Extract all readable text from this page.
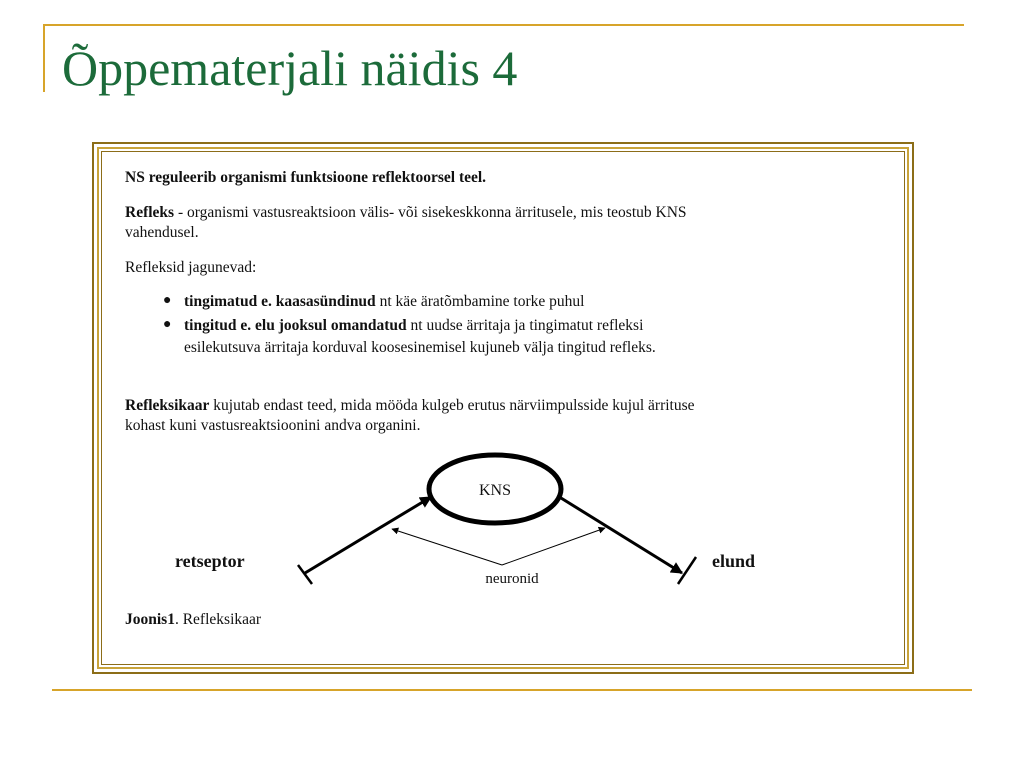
Õppematerjali näidis 4
NS reguleerib organismi funktsioone reflektoorsel teel.
Refleks - organismi vastusreaktsioon välis- või sisekeskkonna ärritusele, mis teostub KNS
vahendusel.
Refleksid jagunevad:
● tingimatud e. kaasasündinud nt käe äratõmbamine torke puhul
● tingitud e. elu jooksul omandatud nt uudse ärritaja ja tingimatut refleksi
esilekutsuva ärritaja korduval koosesinemisel kujuneb välja tingitud refleks.
Refleksikaar kujutab endast teed, mida mööda kulgeb erutus närviimpulsside kujul ärrituse
kohast kuni vastusreaktsioonini andva organini.
KNS
retseptor	elund
neuronid
Joonis1. Refleksikaar
